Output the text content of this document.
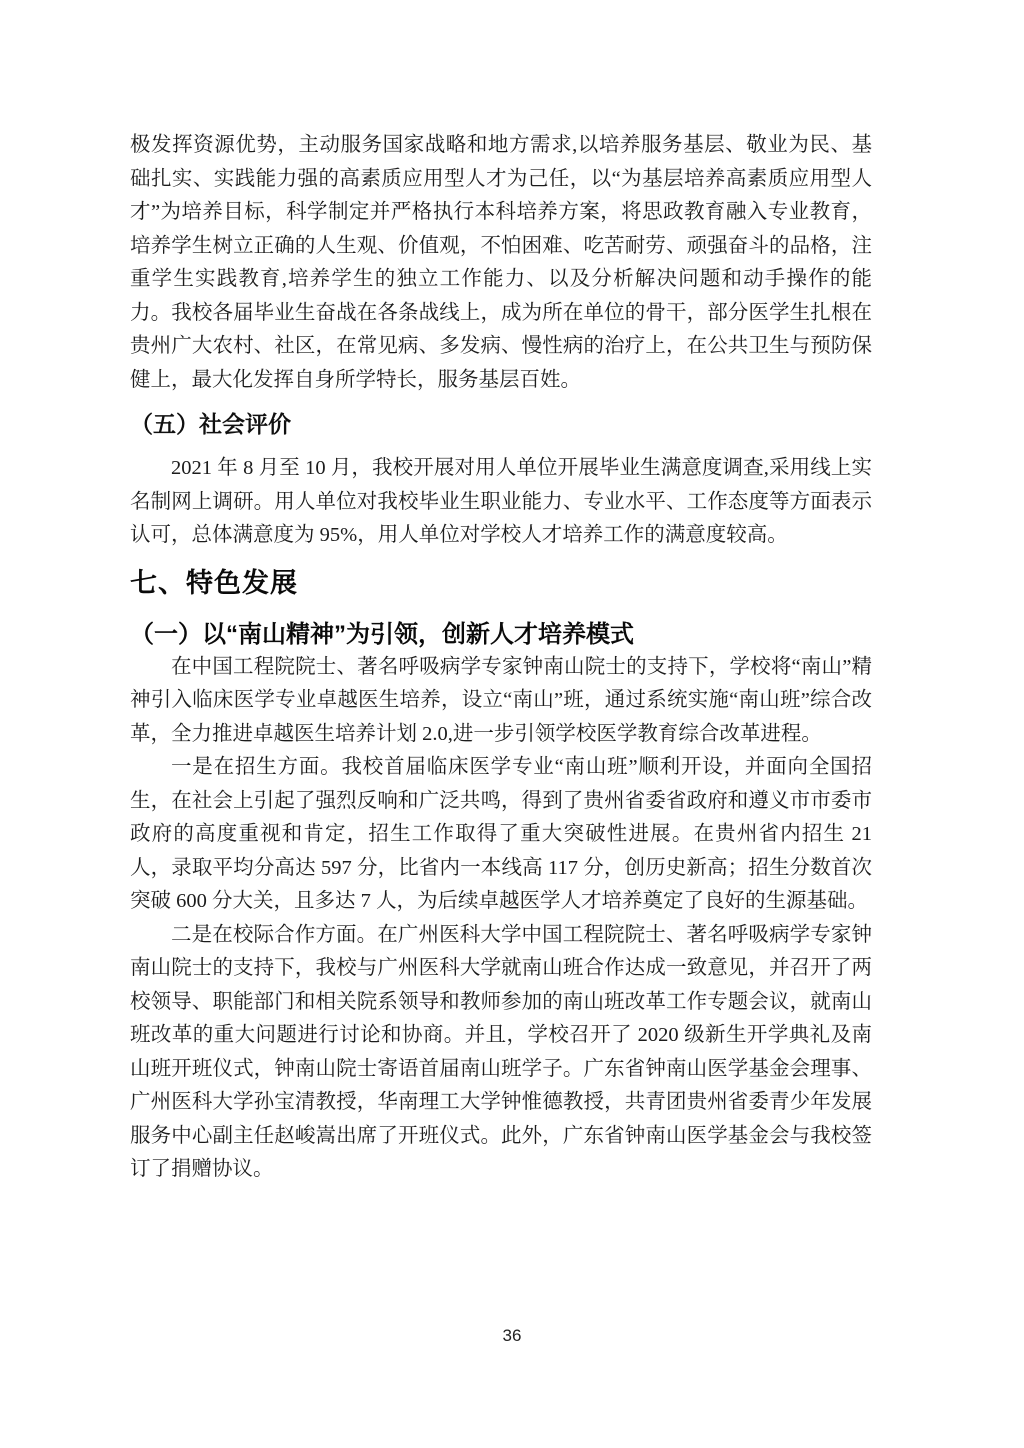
极发挥资源优势，主动服务国家战略和地方需求,以培养服务基层、敬业为民、基础扎实、实践能力强的高素质应用型人才为己任，以“为基层培养高素质应用型人才”为培养目标，科学制定并严格执行本科培养方案，将思政教育融入专业教育，培养学生树立正确的人生观、价值观，不怕困难、吃苦耐劳、顽强奋斗的品格，注重学生实践教育,培养学生的独立工作能力、以及分析解决问题和动手操作的能力。我校各届毕业生奋战在各条战线上，成为所在单位的骨干，部分医学生扎根在贵州广大农村、社区，在常见病、多发病、慢性病的治疗上，在公共卫生与预防保健上，最大化发挥自身所学特长，服务基层百姓。

（五）社会评价

2021 年 8 月至 10 月，我校开展对用人单位开展毕业生满意度调查,采用线上实名制网上调研。用人单位对我校毕业生职业能力、专业水平、工作态度等方面表示认可，总体满意度为 95%，用人单位对学校人才培养工作的满意度较高。

七、特色发展
（一）以“南山精神”为引领，创新人才培养模式

在中国工程院院士、著名呼吸病学专家钟南山院士的支持下，学校将“南山”精神引入临床医学专业卓越医生培养，设立“南山”班，通过系统实施“南山班”综合改革，全力推进卓越医生培养计划 2.0,进一步引领学校医学教育综合改革进程。

一是在招生方面。我校首届临床医学专业“南山班”顺利开设，并面向全国招生，在社会上引起了强烈反响和广泛共鸣，得到了贵州省委省政府和遵义市市委市政府的高度重视和肯定，招生工作取得了重大突破性进展。在贵州省内招生 21 人，录取平均分高达 597 分，比省内一本线高 117 分，创历史新高；招生分数首次突破 600 分大关，且多达 7 人，为后续卓越医学人才培养奠定了良好的生源基础。

二是在校际合作方面。在广州医科大学中国工程院院士、著名呼吸病学专家钟南山院士的支持下，我校与广州医科大学就南山班合作达成一致意见，并召开了两校领导、职能部门和相关院系领导和教师参加的南山班改革工作专题会议，就南山班改革的重大问题进行讨论和协商。并且，学校召开了 2020 级新生开学典礼及南山班开班仪式，钟南山院士寄语首届南山班学子。广东省钟南山医学基金会理事、广州医科大学孙宝清教授，华南理工大学钟惟德教授，共青团贵州省委青少年发展服务中心副主任赵峻嵩出席了开班仪式。此外，广东省钟南山医学基金会与我校签订了捐赠协议。

36
